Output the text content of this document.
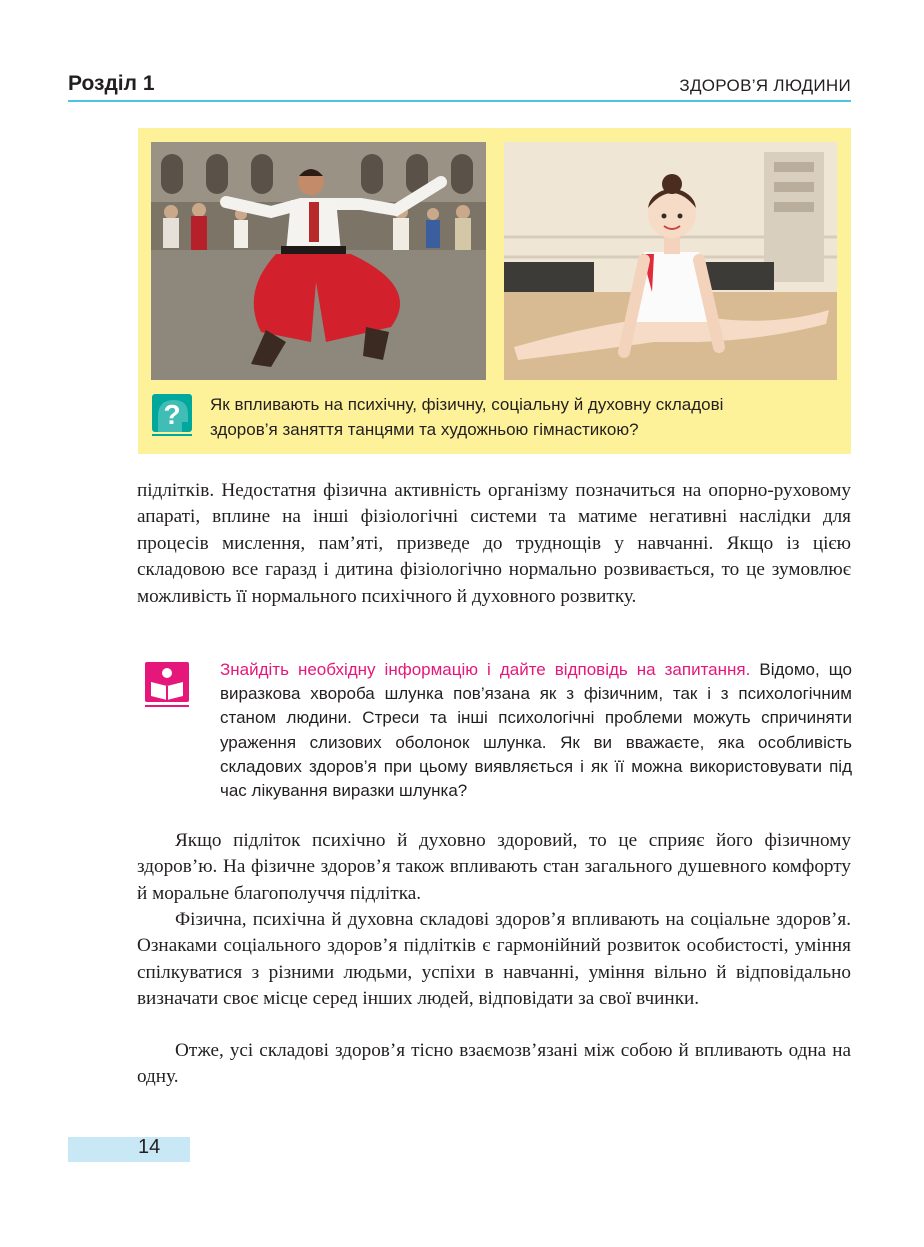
Розділ 1	ЗДОРОВ’Я ЛЮДИНИ
? Як впливають на психічну, фізичну, соціальну й духовну складові
здоров’я заняття танцями та художньою гімнастикою?
підлітків. Недостатня фізична активність організму позначиться на опорно-руховому апараті, вплине на інші фізіологічні системи та матиме негативні наслідки для процесів мислення, пам’яті, призведе до труднощів у навчанні. Якщо із цією складовою все гаразд і дитина фізіологічно нормально розвивається, то це зумовлює можливість її нормального психічного й духовного розвитку.
Знайдіть необхідну інформацію і дайте відповідь на запитання. Відомо, що виразкова хвороба шлунка пов’язана як з фізичним, так і з психологічним станом людини. Стреси та інші психологічні проблеми можуть спричиняти ураження слизових оболонок шлунка. Як ви вважаєте, яка особливість складових здоров’я при цьому виявляється і як її можна використовувати під час лікування виразки шлунка?
Якщо підліток психічно й духовно здоровий, то це сприяє його фізичному здоров’ю. На фізичне здоров’я також впливають стан загального душевного комфорту й моральне благополуччя підлітка.
Фізична, психічна й духовна складові здоров’я впливають на соціальне здоров’я. Ознаками соціального здоров’я підлітків є гармонійний розвиток особистості, уміння спілкуватися з різними людьми, успіхи в навчанні, уміння вільно й відповідально визначати своє місце серед інших людей, відповідати за свої вчинки.
Отже, усі складові здоров’я тісно взаємозв’язані між собою й впливають одна на одну.
14
